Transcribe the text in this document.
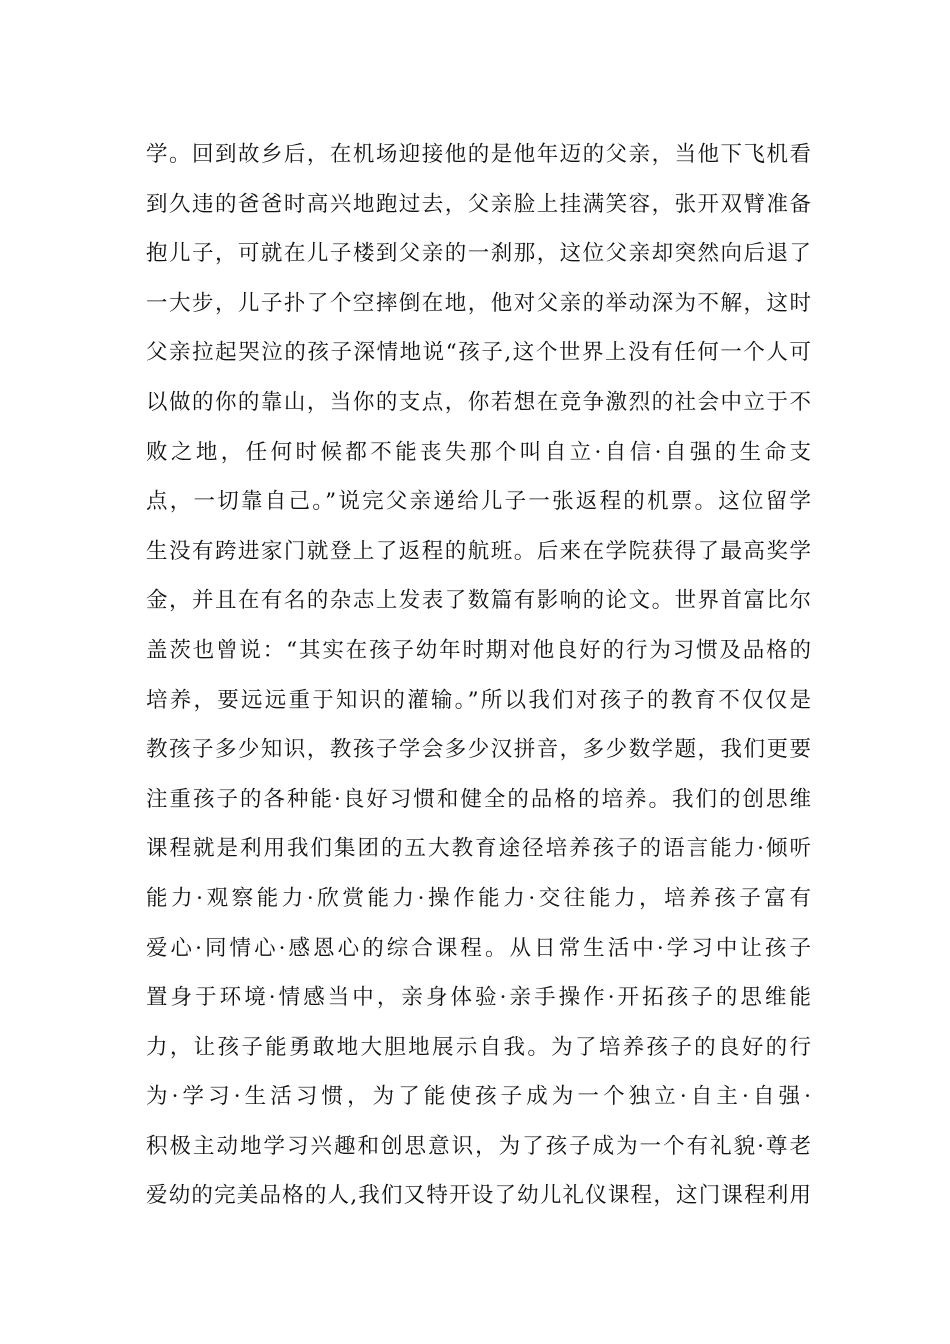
学。回到故乡后，在机场迎接他的是他年迈的父亲，当他下飞机看
到久违的爸爸时高兴地跑过去，父亲脸上挂满笑容，张开双臂准备
抱儿子，可就在儿子楼到父亲的一刹那，这位父亲却突然向后退了
一大步，儿子扑了个空摔倒在地，他对父亲的举动深为不解，这时
父亲拉起哭泣的孩子深情地说“孩子,这个世界上没有任何一个人可
以做的你的靠山，当你的支点，你若想在竞争激烈的社会中立于不
败之地，任何时候都不能丧失那个叫自立·自信·自强的生命支
点，一切靠自己。”说完父亲递给儿子一张返程的机票。这位留学
生没有跨进家门就登上了返程的航班。后来在学院获得了最高奖学
金，并且在有名的杂志上发表了数篇有影响的论文。世界首富比尔
盖茨也曾说：“其实在孩子幼年时期对他良好的行为习惯及品格的
培养，要远远重于知识的灌输。”所以我们对孩子的教育不仅仅是
教孩子多少知识，教孩子学会多少汉拼音，多少数学题，我们更要
注重孩子的各种能·良好习惯和健全的品格的培养。我们的创思维
课程就是利用我们集团的五大教育途径培养孩子的语言能力·倾听
能力·观察能力·欣赏能力·操作能力·交往能力，培养孩子富有
爱心·同情心·感恩心的综合课程。从日常生活中·学习中让孩子
置身于环境·情感当中，亲身体验·亲手操作·开拓孩子的思维能
力，让孩子能勇敢地大胆地展示自我。为了培养孩子的良好的行
为·学习·生活习惯，为了能使孩子成为一个独立·自主·自强·
积极主动地学习兴趣和创思意识，为了孩子成为一个有礼貌·尊老
爱幼的完美品格的人,我们又特开设了幼儿礼仪课程，这门课程利用
